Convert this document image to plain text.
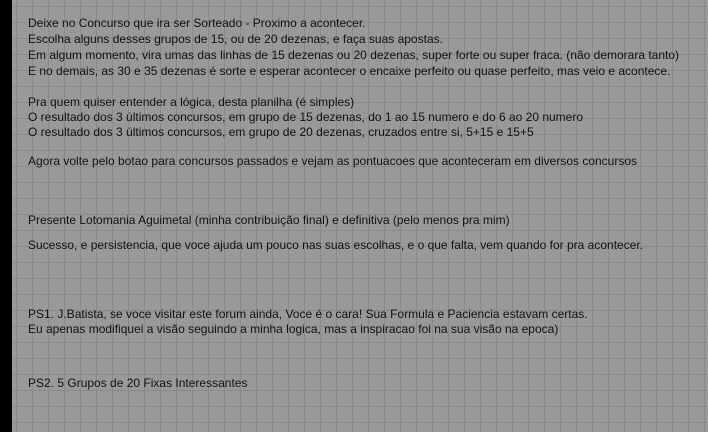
Deixe no Concurso que ira ser Sorteado - Proximo a acontecer.
Escolha alguns desses grupos de 15, ou de 20 dezenas, e faça suas apostas.
Em algum momento, vira umas das linhas de 15 dezenas ou 20 dezenas, super forte ou super fraca. (não demorara tanto)
E no demais, as 30 e 35 dezenas é sorte e esperar acontecer o encaixe perfeito ou quase perfeito, mas veio e acontece.
Pra quem quiser entender a lógica, desta planilha (é simples)
O resultado dos 3 últimos concursos, em grupo de 15 dezenas, do 1 ao 15 numero e do 6 ao 20 numero
O resultado dos 3 últimos concursos, em grupo de 20 dezenas, cruzados entre si, 5+15 e 15+5
Agora volte pelo botao para concursos passados e vejam as pontuacoes que aconteceram em diversos concursos
Presente Lotomania Aguimetal (minha contribuição final) e definitiva (pelo menos pra mim)
Sucesso, e persistencia, que voce ajuda um pouco nas suas escolhas, e o que falta, vem quando for pra acontecer.
PS1. J.Batista, se voce visitar este forum ainda, Voce é o cara! Sua Formula e Paciencia estavam certas.
Eu apenas modifiquei a visão seguindo a minha logica, mas a inspiracao foi na sua visão na epoca)
PS2. 5 Grupos de 20 Fixas Interessantes
